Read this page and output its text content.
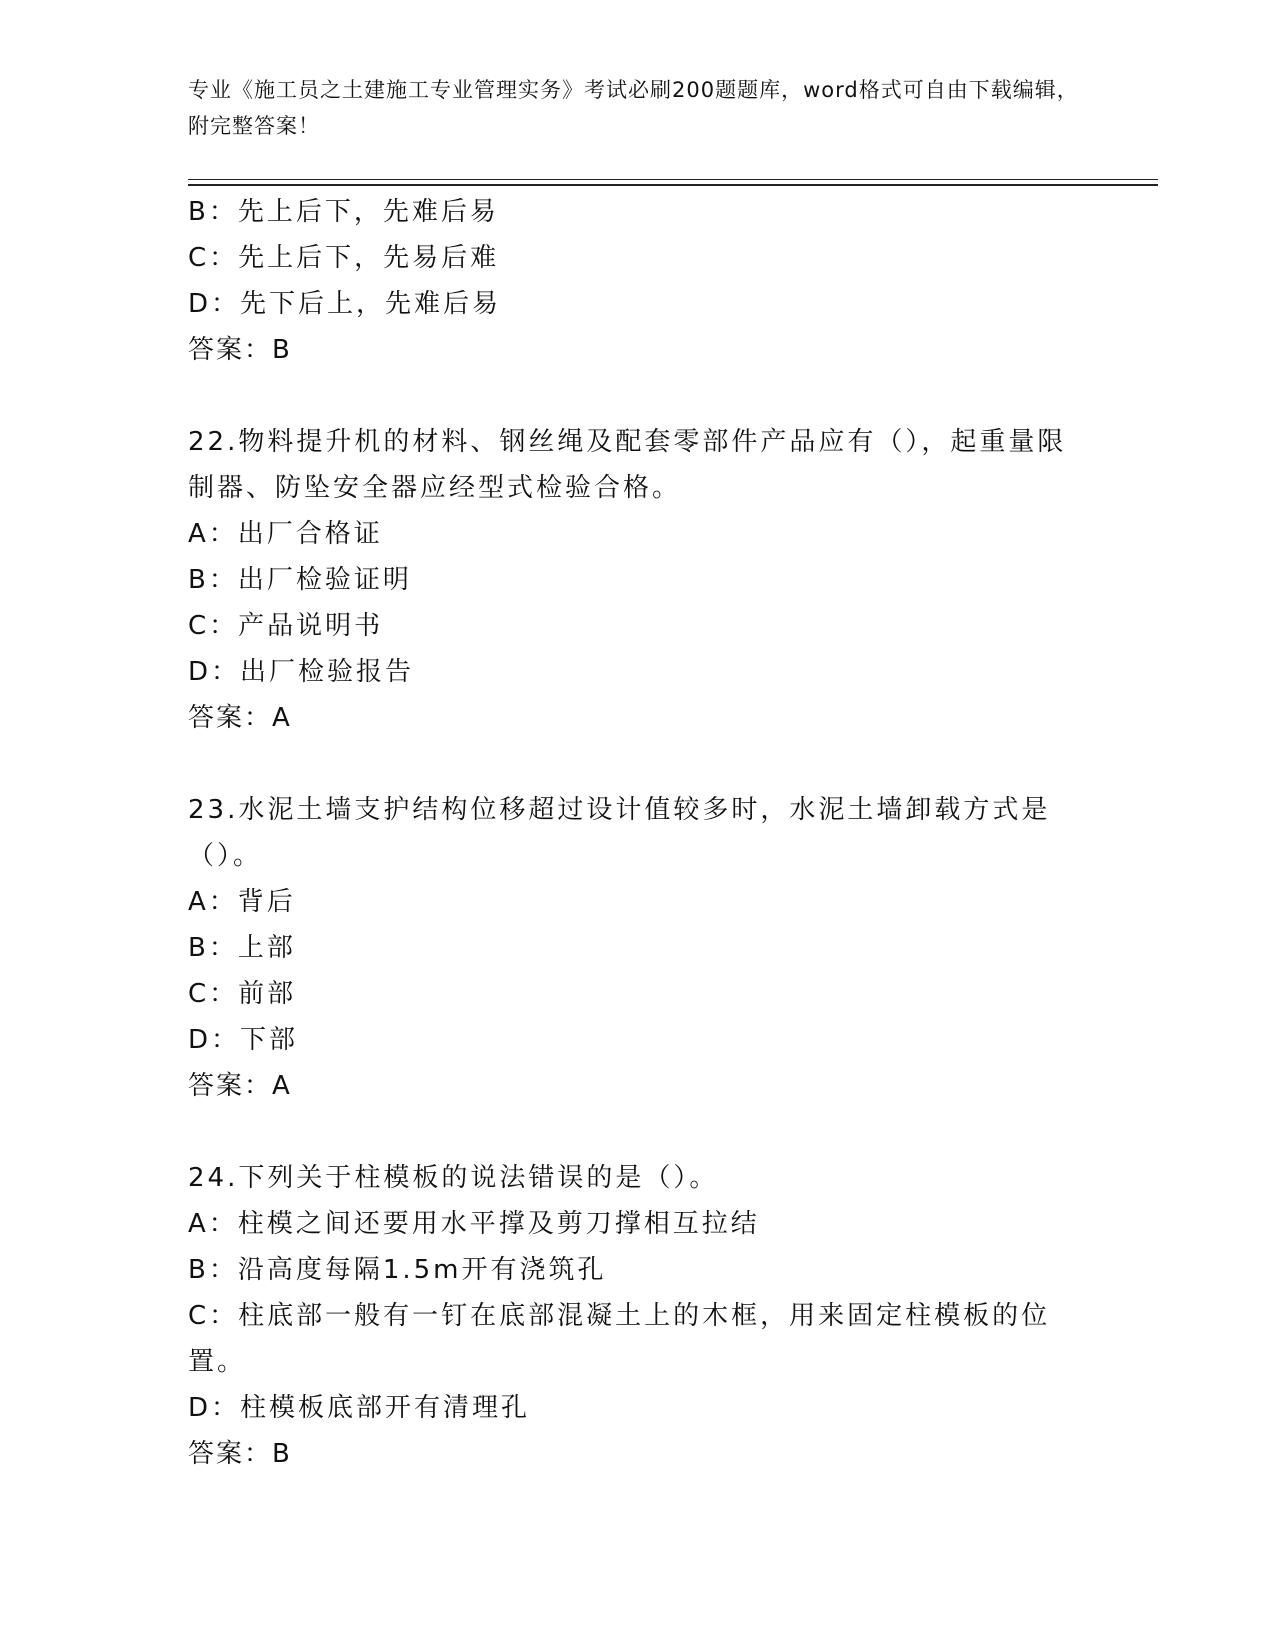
专业《施工员之土建施工专业管理实务》考试必刷200题题库，word格式可自由下载编辑，附完整答案！
B：先上后下，先难后易
C：先上后下，先易后难
D：先下后上，先难后易
答案：B
22.物料提升机的材料、钢丝绳及配套零部件产品应有（），起重量限制器、防坠安全器应经型式检验合格。
A：出厂合格证
B：出厂检验证明
C：产品说明书
D：出厂检验报告
答案：A
23.水泥土墙支护结构位移超过设计值较多时，水泥土墙卸载方式是（）。
A：背后
B：上部
C：前部
D：下部
答案：A
24.下列关于柱模板的说法错误的是（）。
A：柱模之间还要用水平撑及剪刀撑相互拉结
B：沿高度每隔1.5m开有浇筑孔
C：柱底部一般有一钉在底部混凝土上的木框，用来固定柱模板的位置。
D：柱模板底部开有清理孔
答案：B
